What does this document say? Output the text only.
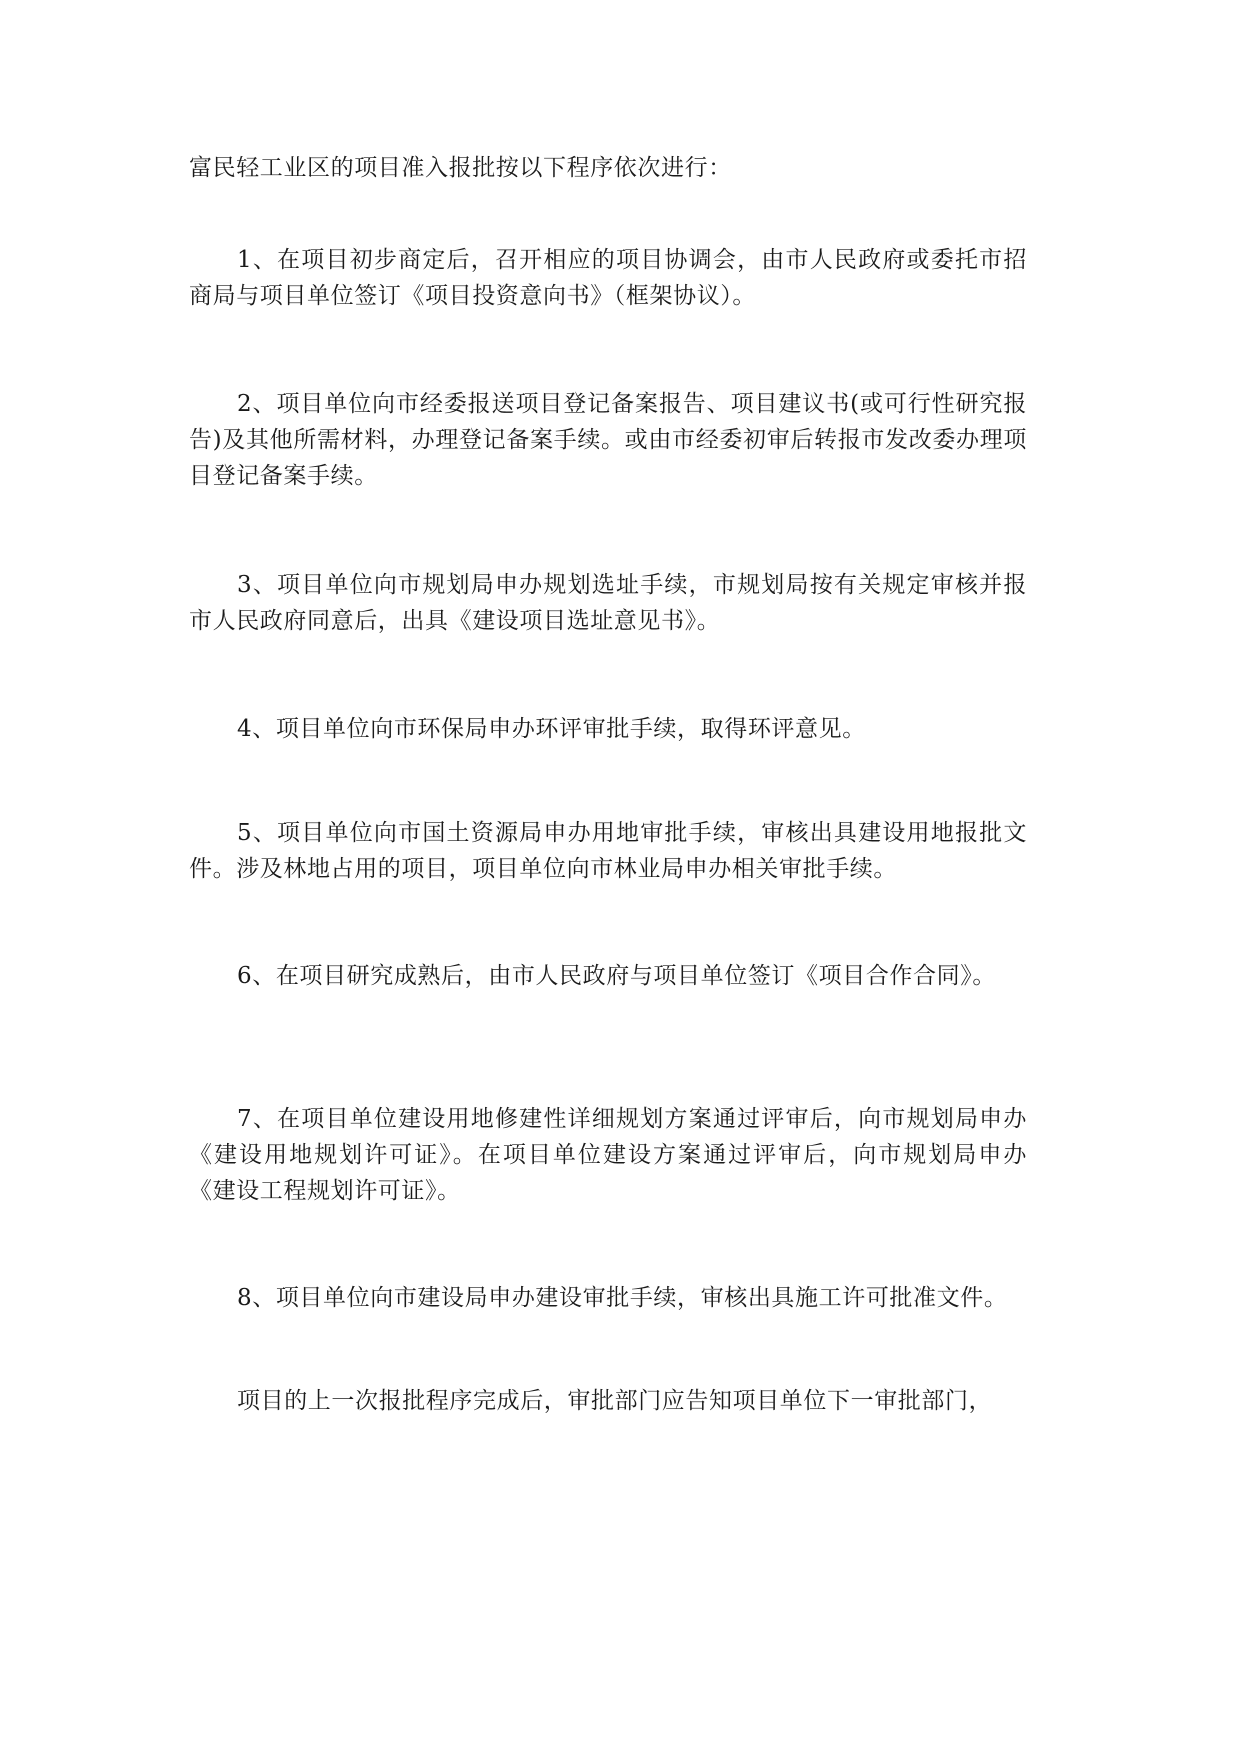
富民轻工业区的项目准入报批按以下程序依次进行：

1、在项目初步商定后，召开相应的项目协调会，由市人民政府或委托市招商局与项目单位签订《项目投资意向书》（框架协议）。

2、项目单位向市经委报送项目登记备案报告、项目建议书(或可行性研究报告)及其他所需材料，办理登记备案手续。或由市经委初审后转报市发改委办理项目登记备案手续。

3、项目单位向市规划局申办规划选址手续，市规划局按有关规定审核并报市人民政府同意后，出具《建设项目选址意见书》。

4、项目单位向市环保局申办环评审批手续，取得环评意见。

5、项目单位向市国土资源局申办用地审批手续，审核出具建设用地报批文件。涉及林地占用的项目，项目单位向市林业局申办相关审批手续。

6、在项目研究成熟后，由市人民政府与项目单位签订《项目合作合同》。

7、在项目单位建设用地修建性详细规划方案通过评审后，向市规划局申办《建设用地规划许可证》。在项目单位建设方案通过评审后，向市规划局申办《建设工程规划许可证》。

8、项目单位向市建设局申办建设审批手续，审核出具施工许可批准文件。

项目的上一次报批程序完成后，审批部门应告知项目单位下一审批部门，
